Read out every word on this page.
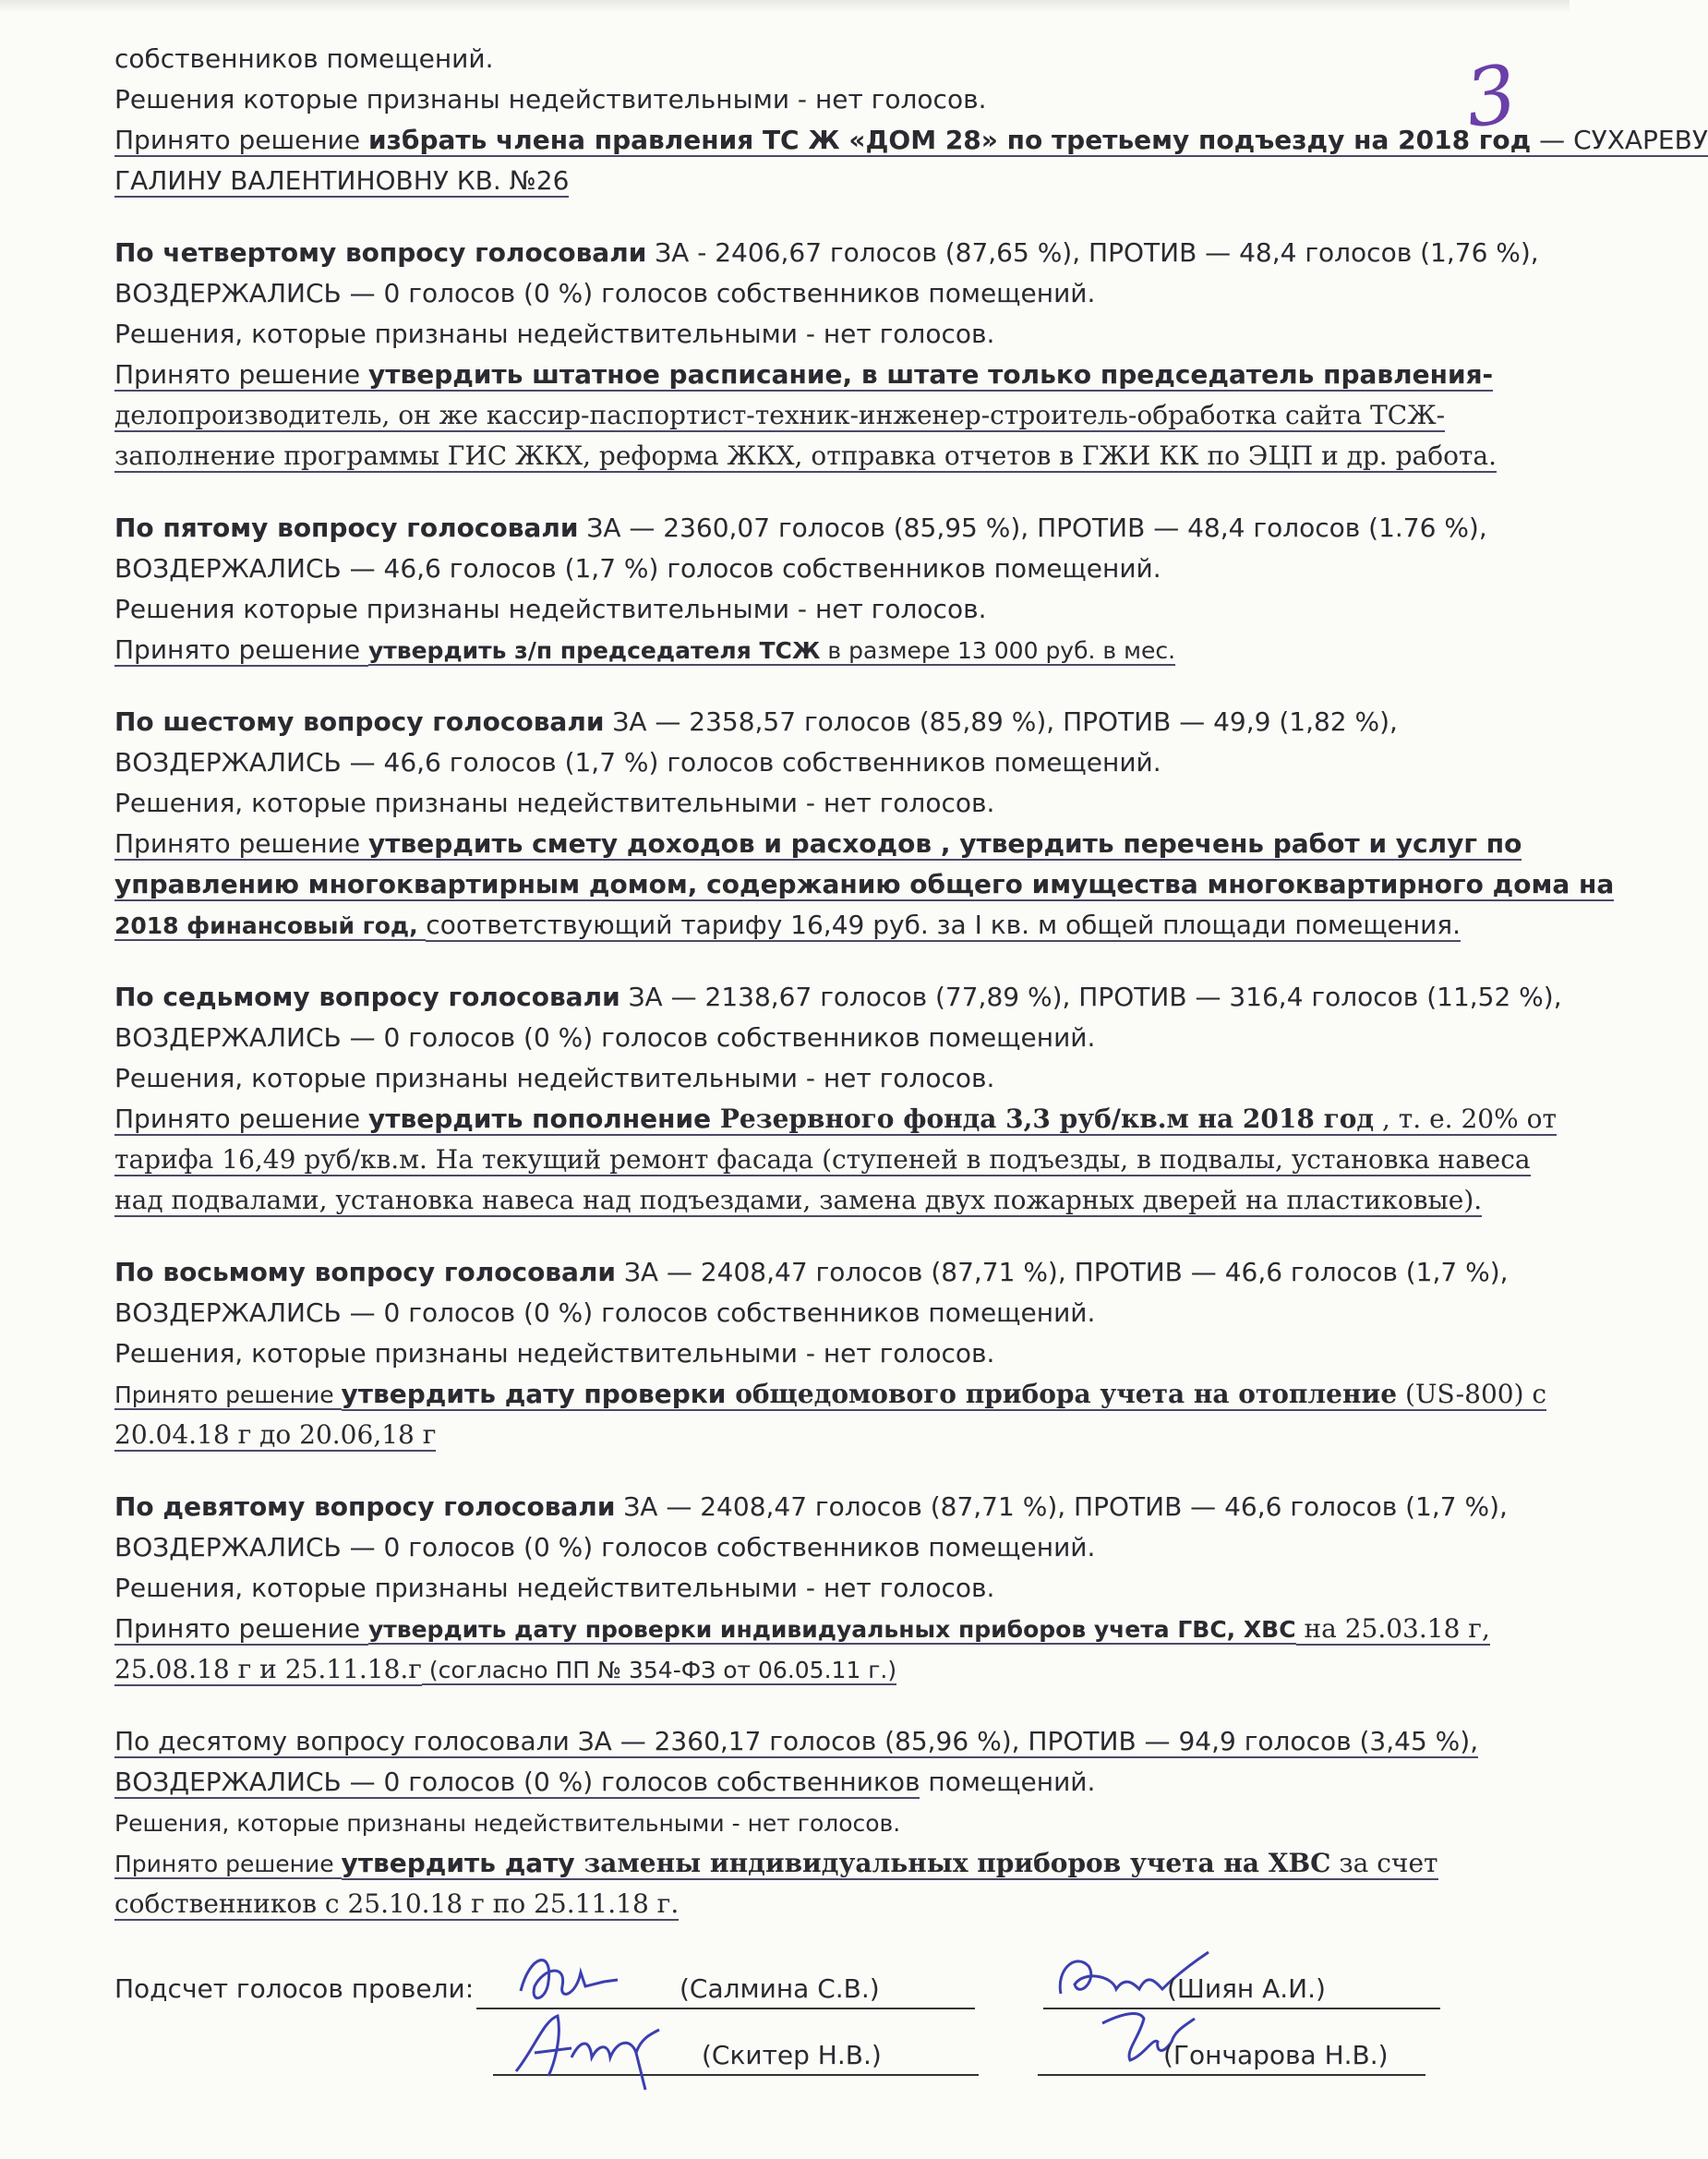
3
собственников помещений.
Решения которые признаны недействительными - нет голосов.
Принято решение избрать члена правления ТС Ж «ДОМ 28» по третьему подъезду на 2018 год — СУХАРЕВУ
ГАЛИНУ ВАЛЕНТИНОВНУ КВ. №26
По четвертому вопросу голосовали ЗА - 2406,67 голосов (87,65 %), ПРОТИВ — 48,4 голосов (1,76 %),
ВОЗДЕРЖАЛИСЬ — 0 голосов (0 %) голосов собственников помещений.
Решения, которые признаны недействительными - нет голосов.
Принято решение утвердить штатное расписание, в штате только председатель правления-
делопроизводитель, он же кассир-паспортист-техник-инженер-строитель-обработка сайта ТСЖ-
заполнение программы ГИС ЖКХ, реформа ЖКХ, отправка отчетов в ГЖИ КК по ЭЦП и др. работа.
По пятому вопросу голосовали ЗА — 2360,07 голосов (85,95 %), ПРОТИВ — 48,4 голосов (1.76 %),
ВОЗДЕРЖАЛИСЬ — 46,6 голосов (1,7 %) голосов собственников помещений.
Решения которые признаны недействительными - нет голосов.
Принято решение утвердить з/п председателя ТСЖ в размере 13 000 руб. в мес.
По шестому вопросу голосовали ЗА — 2358,57 голосов (85,89 %), ПРОТИВ — 49,9 (1,82 %),
ВОЗДЕРЖАЛИСЬ — 46,6 голосов (1,7 %) голосов собственников помещений.
Решения, которые признаны недействительными - нет голосов.
Принято решение утвердить смету доходов и расходов , утвердить перечень работ и услуг по
управлению многоквартирным домом, содержанию общего имущества многоквартирного дома на
2018 финансовый год, соответствующий тарифу 16,49 руб. за I кв. м общей площади помещения.
По седьмому вопросу голосовали ЗА — 2138,67 голосов (77,89 %), ПРОТИВ — 316,4 голосов (11,52 %),
ВОЗДЕРЖАЛИСЬ — 0 голосов (0 %) голосов собственников помещений.
Решения, которые признаны недействительными - нет голосов.
Принято решение утвердить пополнение Резервного фонда 3,3 руб/кв.м на 2018 год , т. е. 20% от
тарифа 16,49 руб/кв.м. На текущий ремонт фасада (ступеней в подъезды, в подвалы, установка навеса
над подвалами, установка навеса над подъездами, замена двух пожарных дверей на пластиковые).
По восьмому вопросу голосовали ЗА — 2408,47 голосов (87,71 %), ПРОТИВ — 46,6 голосов (1,7 %),
ВОЗДЕРЖАЛИСЬ — 0 голосов (0 %) голосов собственников помещений.
Решения, которые признаны недействительными - нет голосов.
Принято решение утвердить дату проверки общедомового прибора учета на отопление (US-800) с
20.04.18 г до 20.06,18 г
По девятому вопросу голосовали ЗА — 2408,47 голосов (87,71 %), ПРОТИВ — 46,6 голосов (1,7 %),
ВОЗДЕРЖАЛИСЬ — 0 голосов (0 %) голосов собственников помещений.
Решения, которые признаны недействительными - нет голосов.
Принято решение утвердить дату проверки индивидуальных приборов учета ГВС, ХВС на 25.03.18 г,
25.08.18 г и 25.11.18.г (согласно ПП № 354-ФЗ от 06.05.11 г.)
По десятому вопросу голосовали ЗА — 2360,17 голосов (85,96 %), ПРОТИВ — 94,9 голосов (3,45 %),
ВОЗДЕРЖАЛИСЬ — 0 голосов (0 %) голосов собственников помещений.
Решения, которые признаны недействительными - нет голосов.
Принято решение утвердить дату замены индивидуальных приборов учета на ХВС за счет
собственников с 25.10.18 г по 25.11.18 г.
Подсчет голосов провели:	(Салмина С.В.)	(Шиян А.И.)
(Скитер Н.В.)	(Гончарова Н.В.)
